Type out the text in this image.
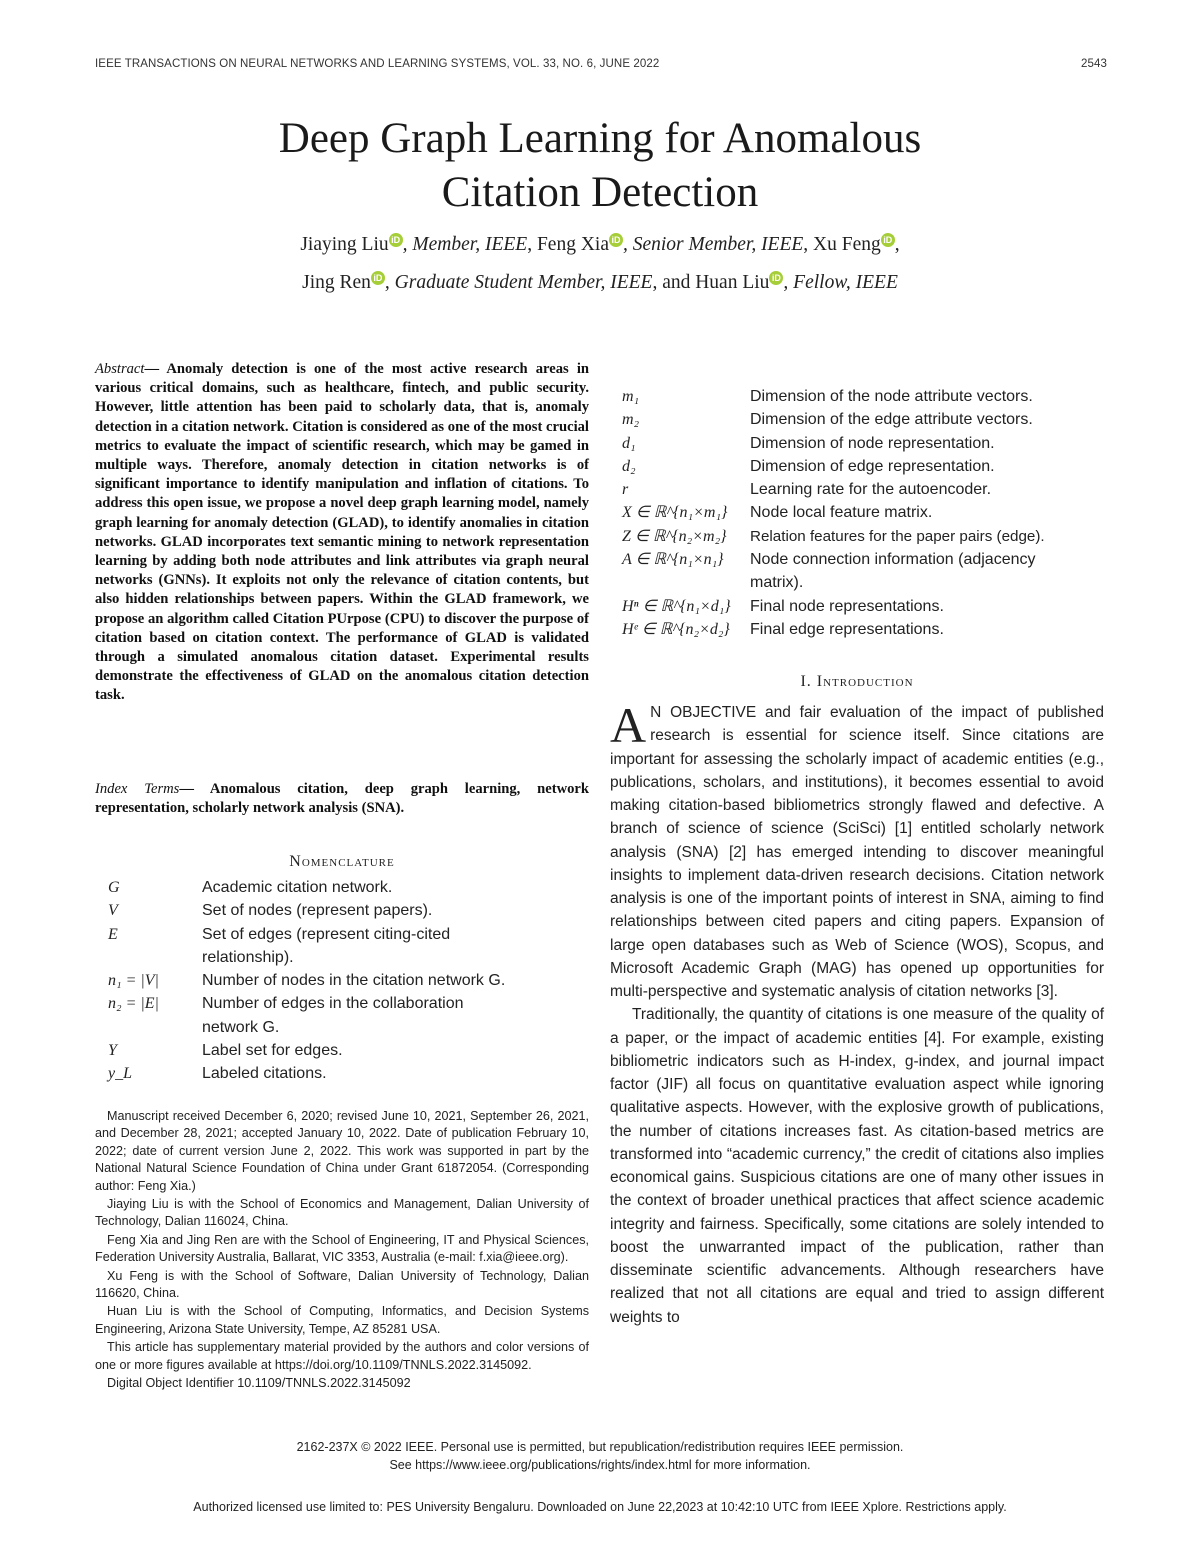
IEEE TRANSACTIONS ON NEURAL NETWORKS AND LEARNING SYSTEMS, VOL. 33, NO. 6, JUNE 2022	2543
Deep Graph Learning for Anomalous
Citation Detection
Jiaying Liu iD , Member, IEEE, Feng Xia iD , Senior Member, IEEE, Xu Feng iD ,
Jing Ren iD , Graduate Student Member, IEEE, and Huan Liu iD , Fellow, IEEE
Abstract— Anomaly detection is one of the most active research areas in various critical domains, such as healthcare, fintech, and public security. However, little attention has been paid to scholarly data, that is, anomaly detection in a citation network. Citation is considered as one of the most crucial metrics to evaluate the impact of scientific research, which may be gamed in multiple ways. Therefore, anomaly detection in citation networks is of significant importance to identify manipulation and inflation of citations. To address this open issue, we propose a novel deep graph learning model, namely graph learning for anomaly detection (GLAD), to identify anomalies in citation networks. GLAD incorporates text semantic mining to network representation learning by adding both node attributes and link attributes via graph neural networks (GNNs). It exploits not only the relevance of citation contents, but also hidden relationships between papers. Within the GLAD framework, we propose an algorithm called Citation PUrpose (CPU) to discover the purpose of citation based on citation context. The performance of GLAD is validated through a simulated anomalous citation dataset. Experimental results demonstrate the effectiveness of GLAD on the anomalous citation detection task.
Index Terms— Anomalous citation, deep graph learning, network representation, scholarly network analysis (SNA).
Nomenclature
G	Academic citation network.
V	Set of nodes (represent papers).
E	Set of edges (represent citing-cited relationship).
n₁ = |V|	Number of nodes in the citation network G.
n₂ = |E|	Number of edges in the collaboration network G.
Y	Label set for edges.
y_L	Labeled citations.

Manuscript received December 6, 2020; revised June 10, 2021, September 26, 2021, and December 28, 2021; accepted January 10, 2022. Date of publication February 10, 2022; date of current version June 2, 2022. This work was supported in part by the National Natural Science Foundation of China under Grant 61872054. (Corresponding author: Feng Xia.)

Jiaying Liu is with the School of Economics and Management, Dalian University of Technology, Dalian 116024, China.

Feng Xia and Jing Ren are with the School of Engineering, IT and Physical Sciences, Federation University Australia, Ballarat, VIC 3353, Australia (e-mail: f.xia@ieee.org).

Xu Feng is with the School of Software, Dalian University of Technology, Dalian 116620, China.

Huan Liu is with the School of Computing, Informatics, and Decision Systems Engineering, Arizona State University, Tempe, AZ 85281 USA.

This article has supplementary material provided by the authors and color versions of one or more figures available at https://doi.org/10.1109/TNNLS.2022.3145092.

Digital Object Identifier 10.1109/TNNLS.2022.3145092

m₁	Dimension of the node attribute vectors.
m₂	Dimension of the edge attribute vectors.
d₁	Dimension of node representation.
d₂	Dimension of edge representation.
r	Learning rate for the autoencoder.
X ∈ ℝ^{n₁×m₁}	Node local feature matrix.
Z ∈ ℝ^{n₂×m₂}	Relation features for the paper pairs (edge).
A ∈ ℝ^{n₁×n₁}	Node connection information (adjacency matrix).
Hⁿ ∈ ℝ^{n₁×d₁}	Final node representations.
Hᵉ ∈ ℝ^{n₂×d₂}	Final edge representations.
I. Introduction

A N OBJECTIVE and fair evaluation of the impact of published research is essential for science itself. Since citations are important for assessing the scholarly impact of academic entities (e.g., publications, scholars, and institutions), it becomes essential to avoid making citation-based bibliometrics strongly flawed and defective. A branch of science of science (SciSci) [1] entitled scholarly network analysis (SNA) [2] has emerged intending to discover meaningful insights to implement data-driven research decisions. Citation network analysis is one of the important points of interest in SNA, aiming to find relationships between cited papers and citing papers. Expansion of large open databases such as Web of Science (WOS), Scopus, and Microsoft Academic Graph (MAG) has opened up opportunities for multi-perspective and systematic analysis of citation networks [3].

Traditionally, the quantity of citations is one measure of the quality of a paper, or the impact of academic entities [4]. For example, existing bibliometric indicators such as H-index, g-index, and journal impact factor (JIF) all focus on quantitative evaluation aspect while ignoring qualitative aspects. However, with the explosive growth of publications, the number of citations increases fast. As citation-based metrics are transformed into “academic currency,” the credit of citations also implies economical gains. Suspicious citations are one of many other issues in the context of broader unethical practices that affect science academic integrity and fairness. Specifically, some citations are solely intended to boost the unwarranted impact of the publication, rather than disseminate scientific advancements. Although researchers have realized that not all citations are equal and tried to assign different weights to

2162-237X © 2022 IEEE. Personal use is permitted, but republication/redistribution requires IEEE permission.
See https://www.ieee.org/publications/rights/index.html for more information.
Authorized licensed use limited to: PES University Bengaluru. Downloaded on June 22,2023 at 10:42:10 UTC from IEEE Xplore. Restrictions apply.
